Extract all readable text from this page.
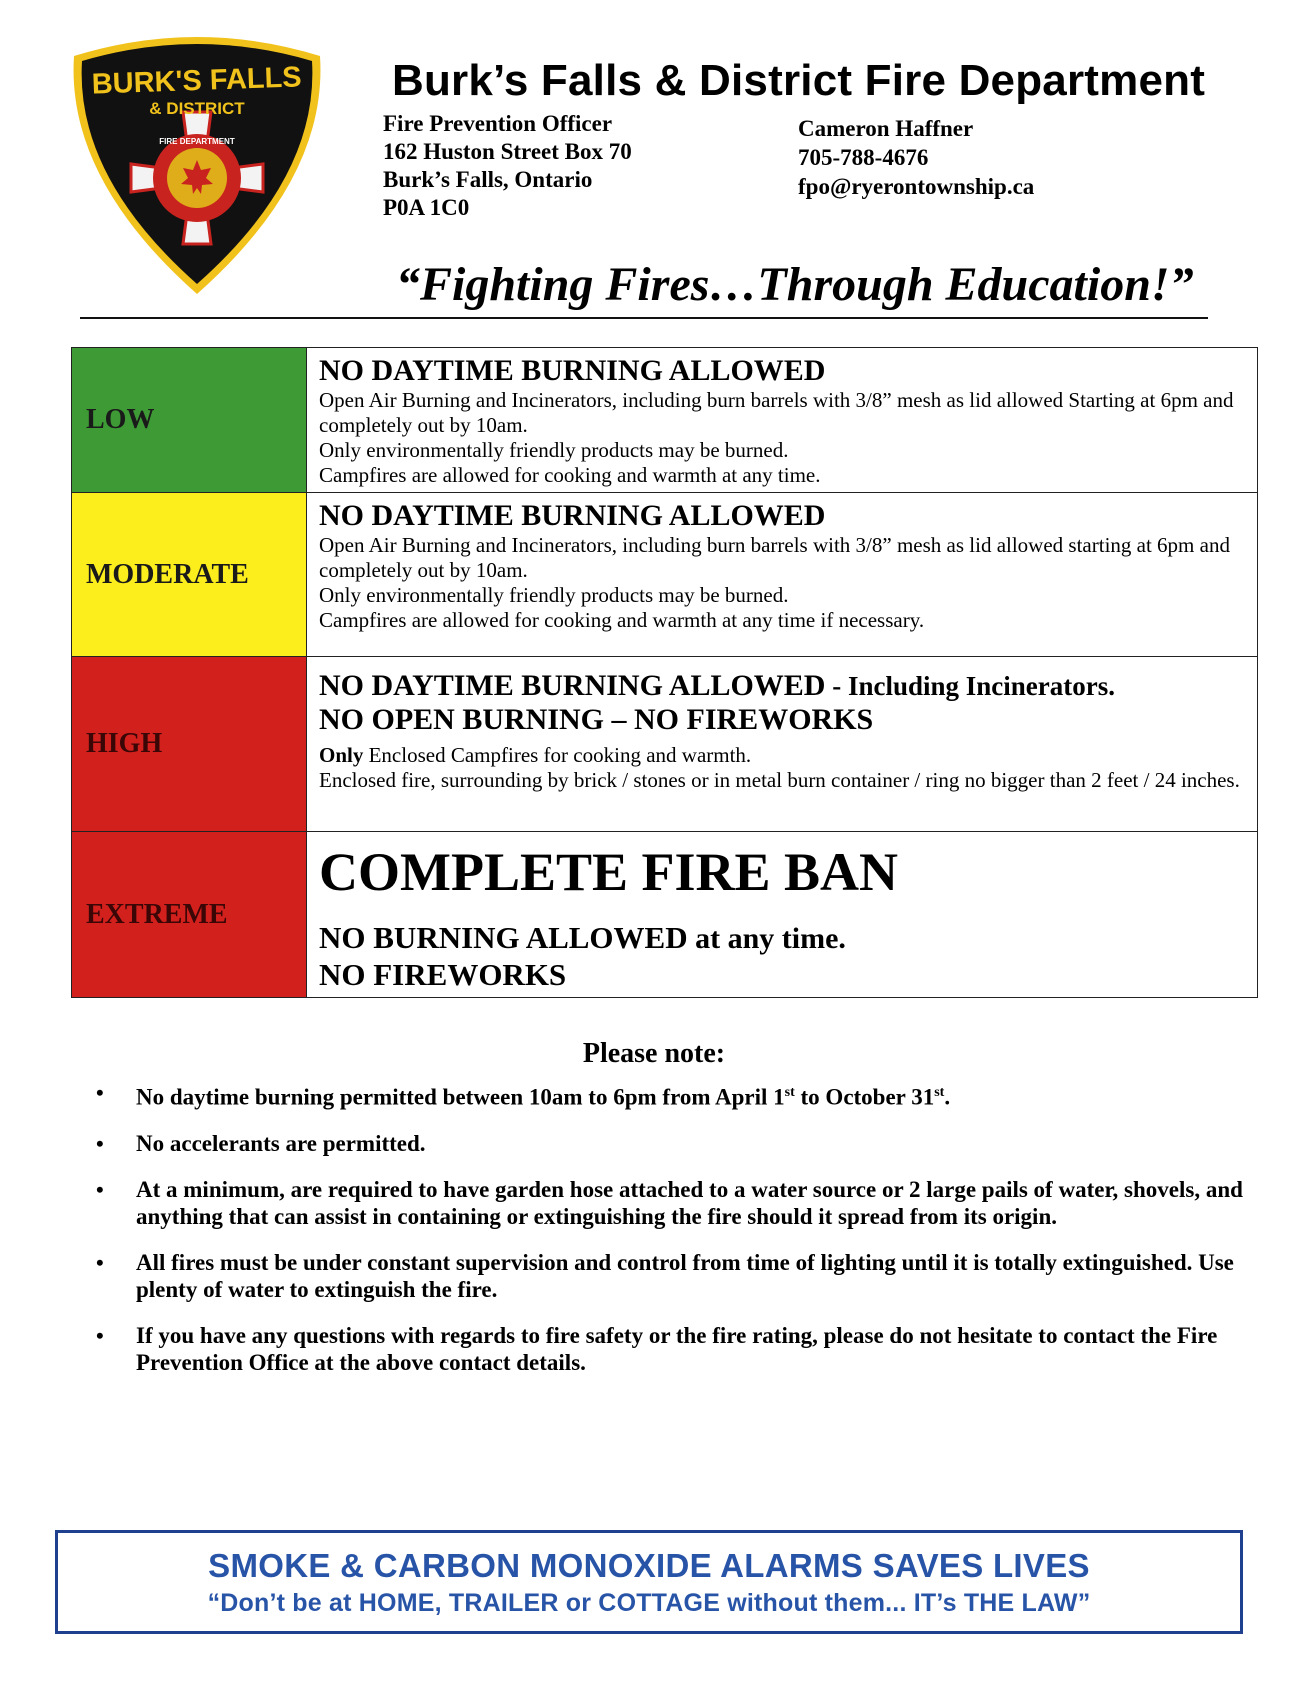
FIRE DEPARTMENT
BURK'S FALLS
& DISTRICT
Burk’s Falls & District Fire Department
Fire Prevention Officer
162 Huston Street Box 70
Burk’s Falls, Ontario
P0A 1C0
Cameron Haffner
705-788-4676
fpo@ryerontownship.ca
“Fighting Fires…Through Education!”
LOW	NO DAYTIME BURNING ALLOWED
Open Air Burning and Incinerators, including burn barrels with 3/8” mesh as lid allowed Starting at 6pm and completely out by 10am.
Only environmentally friendly products may be burned.
Campfires are allowed for cooking and warmth at any time.

MODERATE	NO DAYTIME BURNING ALLOWED
Open Air Burning and Incinerators, including burn barrels with 3/8” mesh as lid allowed starting at 6pm and completely out by 10am.
Only environmentally friendly products may be burned.
Campfires are allowed for cooking and warmth at any time if necessary.

HIGH	NO DAYTIME BURNING ALLOWED - Including Incinerators.
NO OPEN BURNING – NO FIREWORKS
Only Enclosed Campfires for cooking and warmth.
Enclosed fire, surrounding by brick / stones or in metal burn container / ring no bigger than 2 feet / 24 inches.

EXTREME	COMPLETE FIRE BAN
NO BURNING ALLOWED at any time.
NO FIREWORKS
Please note:
• No daytime burning permitted between 10am to 6pm from April 1st to October 31st.
• No accelerants are permitted.
• At a minimum, are required to have garden hose attached to a water source or 2 large pails of water, shovels, and anything that can assist in containing or extinguishing the fire should it spread from its origin.
• All fires must be under constant supervision and control from time of lighting until it is totally extinguished. Use plenty of water to extinguish the fire.
• If you have any questions with regards to fire safety or the fire rating, please do not hesitate to contact the Fire Prevention Office at the above contact details.
SMOKE & CARBON MONOXIDE ALARMS SAVES LIVES
“Don’t be at HOME, TRAILER or COTTAGE without them... IT’s THE LAW”
